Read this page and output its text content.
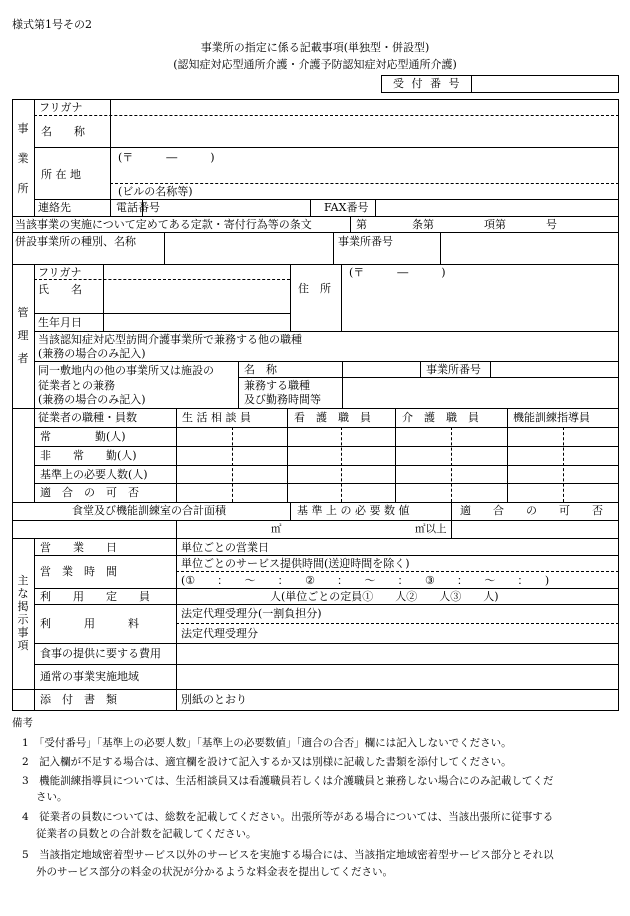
様式第1号その2
事業所の指定に係る記載事項(単独型・併設型)
(認知症対応型通所介護・介護予防認知症対応型通所介護)
受 付 番 号
事
業
所
フリガナ
名　　称
所 在 地
(〒　　　―　　　)
(ビルの名称等)
連絡先	電話番号	FAX番号
当該事業の実施について定めてある定款・寄付行為等の条文	第	条第	項第	号
併設事業所の種別、名称	事業所番号
管
理
者
フリガナ
氏　　名
生年月日
住　所
(〒　　　―　　　)
当該認知症対応型訪問介護事業所で兼務する他の職種
(兼務の場合のみ記入)
同一敷地内の他の事業所又は施設の
従業者との兼務
(兼務の場合のみ記入)
名　称	事業所番号
兼務する職種
及び勤務時間等
従業者の職種・員数	生 活 相 談 員	看　護　職　員	介　護　職　員	機能訓練指導員
常　　　　勤(人)
非　　常　　勤(人)
基準上の必要人数(人)
適　合　の　可　否
食堂及び機能訓練室の合計面積	基 準 上 の 必 要 数 値	適　　合　　の　　可　　否
㎡	㎡以上
主
な
掲
示
事
項
営　　業　　日	単位ごとの営業日
営　業　時　間
単位ごとのサービス提供時間(送迎時間を除く)
(①　　：　　～　　：　　②　　：　　～　　：　　③　　：　　～　　：　　)
利　　用　　定　　員	人(単位ごとの定員①　　人②　　人③　　人)
利　　　用　　　料
法定代理受理分(一割負担分)
法定代理受理分
食事の提供に要する費用
通常の事業実施地域
添　付　書　類	別紙のとおり
備考
1　「受付番号」「基準上の必要人数」「基準上の必要数値」「適合の合否」欄には記入しないでください。
2　記入欄が不足する場合は、適宜欄を設けて記入するか又は別様に記載した書類を添付してください。
3　機能訓練指導員については、生活相談員又は看護職員若しくは介護職員と兼務しない場合にのみ記載してくだ
さい。
4　従業者の員数については、総数を記載してください。出張所等がある場合については、当該出張所に従事する
従業者の員数との合計数を記載してください。
5　当該指定地域密着型サービス以外のサービスを実施する場合には、当該指定地域密着型サービス部分とそれ以
外のサービス部分の料金の状況が分かるような料金表を提出してください。
